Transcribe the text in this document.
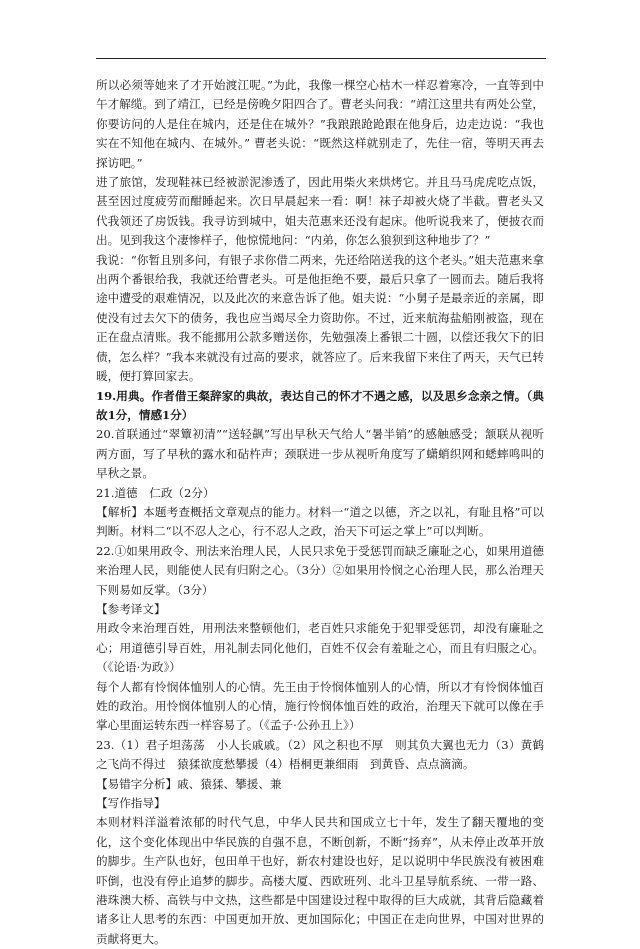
所以必须等她来了才开始渡江呢。”为此，我像一棵空心枯木一样忍着寒冷，一直等到中午才解缆。到了靖江，已经是傍晚夕阳四合了。曹老头问我：“靖江这里共有两处公堂，你要访问的人是住在城内，还是住在城外？”我踉踉跄跄跟在他身后，边走边说：“我也实在不知他在城内、在城外。” 曹老头说：“既然这样就别走了，先住一宿，等明天再去探访吧。”

进了旅馆，发现鞋袜已经被淤泥渗透了，因此用柴火来烘烤它。并且马马虎虎吃点饭，甚至因过度疲劳而酣睡起来。次日早晨起来一看：啊！袜子却被火烧了半截。曹老头又代我领还了房饭钱。我寻访到城中，姐夫范惠来还没有起床。他听说我来了，便披衣而出。见到我这个凄惨样子，他惊慌地问：“内弟，你怎么狼狈到这种地步了？”

我说：“你暂且别多问，有银子求你借二两来，先还给陪送我的这个老头。”姐夫范惠来拿出两个番银给我，我就还给曹老头。可是他拒绝不要，最后只拿了一圆而去。随后我将途中遭受的艰难情况，以及此次的来意告诉了他。姐夫说：“小舅子是最亲近的亲属，即使没有过去欠下的债务，我也应当竭尽全力资助你。不过，近来航海盐船刚被盗，现在正在盘点清账。我不能挪用公款多赠送你，先勉强凑上番银二十圆，以偿还我欠下的旧债，怎么样？”我本来就没有过高的要求，就答应了。后来我留下来住了两天，天气已转暖，便打算回家去。

19.用典。作者借王粲辞家的典故，表达自己的怀才不遇之感，以及思乡念亲之情。（典故1分，情感1分）

20.首联通过“翠簟初清”“送轻飙”写出早秋天气给人“暑半销”的感触感受；颔联从视听两方面，写了早秋的露水和砧杵声；颈联进一步从视听角度写了蟏蛸织网和蟋蟀鸣叫的早秋之景。

21.道德　仁政（2分）

【解析】本题考查概括文章观点的能力。材料一“道之以德，齐之以礼，有耻且格”可以判断。材料二“以不忍人之心，行不忍人之政，治天下可运之掌上”可以判断。

22.①如果用政令、刑法来治理人民，人民只求免于受惩罚而缺乏廉耻之心，如果用道德来治理人民，则能使人民有归附之心。（3分）②如果用怜悯之心治理人民，那么治理天下则易如反掌。（3分）

【参考译文】

用政令来治理百姓，用刑法来整顿他们，老百姓只求能免于犯罪受惩罚，却没有廉耻之心；用道德引导百姓，用礼制去同化他们，百姓不仅会有羞耻之心，而且有归服之心。（《论语·为政》）

每个人都有怜悯体恤别人的心情。先王由于怜悯体恤别人的心情，所以才有怜悯体恤百姓的政治。用怜悯体恤别人的心情，施行怜悯体恤百姓的政治，治理天下就可以像在手掌心里面运转东西一样容易了。（《孟子·公孙丑上》）

23.（1）君子坦荡荡　小人长戚戚。（2）风之积也不厚　则其负大翼也无力（3）黄鹤之飞尚不得过　猿猱欲度愁攀援（4）梧桐更兼细雨　到黄昏、点点滴滴。

【易错字分析】戚、猿猱、攀援、兼

【写作指导】

本则材料洋溢着浓郁的时代气息，中华人民共和国成立七十年，发生了翻天覆地的变化，这个变化体现出中华民族的自强不息，不断创新，不断“扬弃”，从未停止改革开放的脚步。生产队也好，包田单干也好，新农村建设也好，足以说明中华民族没有被困难吓倒，也没有停止追梦的脚步。高楼大厦、西欧班列、北斗卫星导航系统、一带一路、港珠澳大桥、高铁与中文热，这些都是中国建设过程中取得的巨大成就，其背后隐藏着诸多让人思考的东西：中国更加开放、更加国际化；中国正在走向世界，中国对世界的贡献将更大。
